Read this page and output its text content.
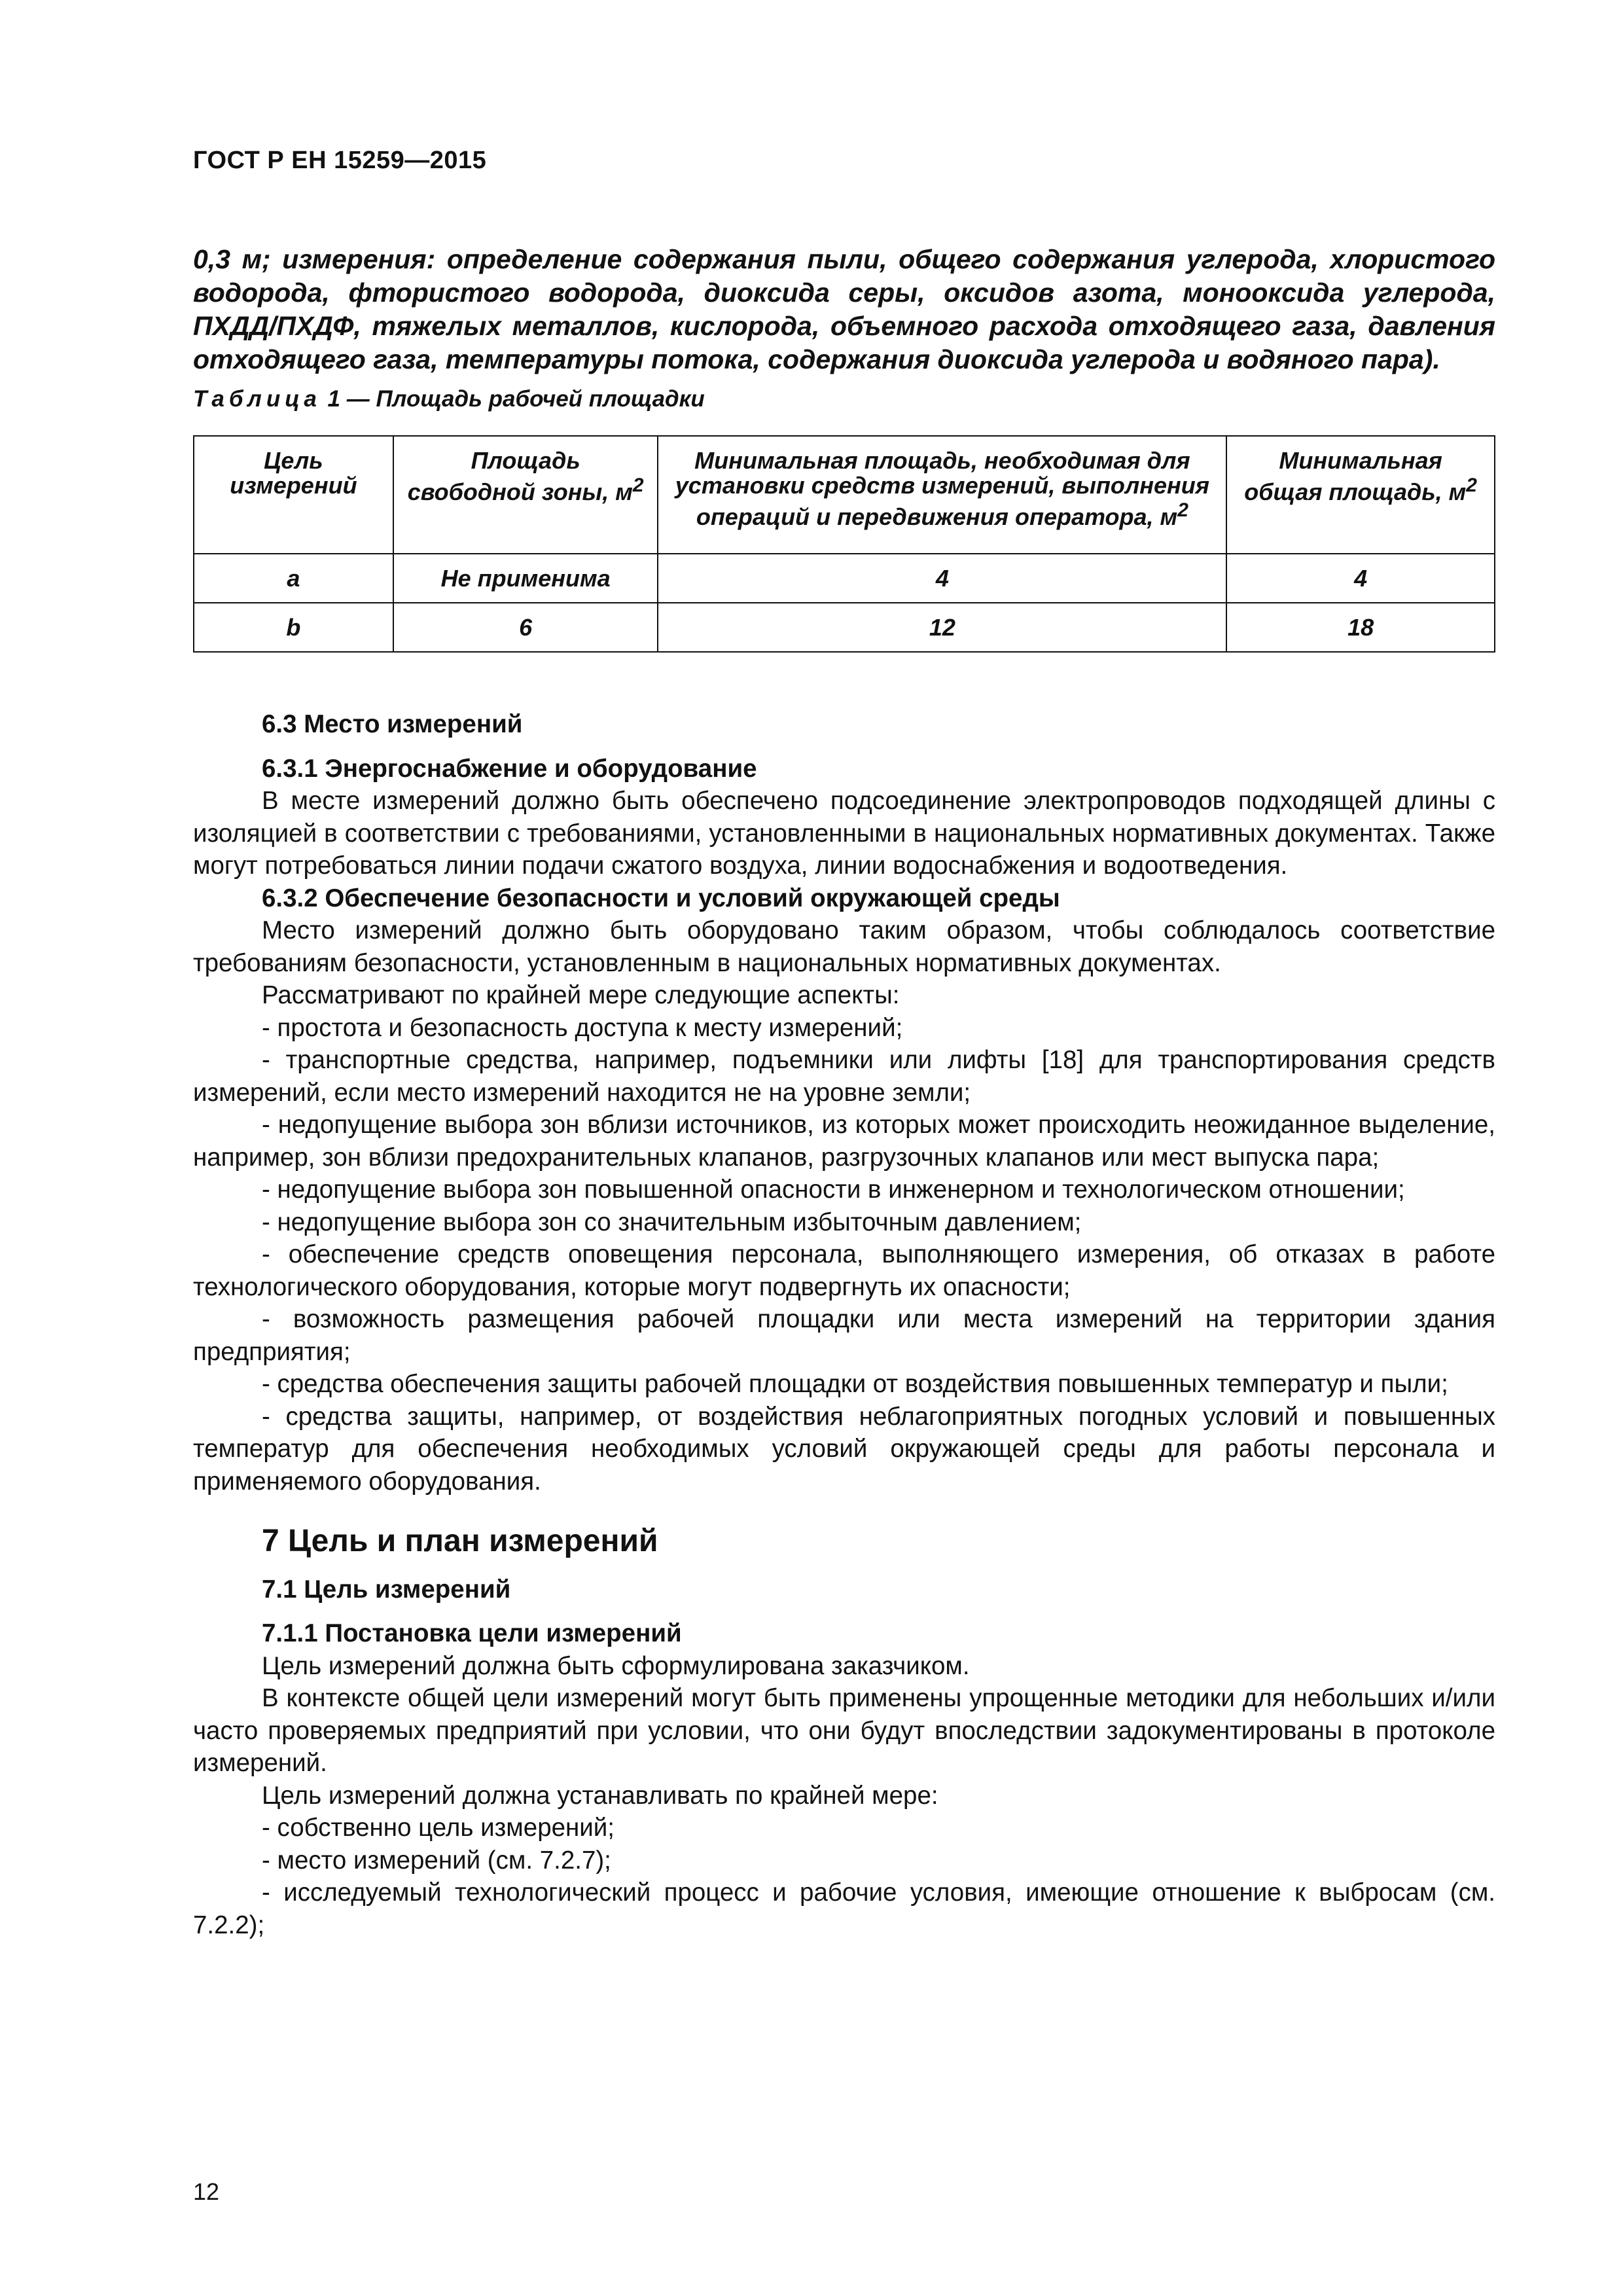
ГОСТ Р ЕН 15259—2015

0,3 м; измерения: определение содержания пыли, общего содержания углерода, хлористого водорода, фтористого водорода, диоксида серы, оксидов азота, монооксида углерода, ПХДД/ПХДФ, тяжелых металлов, кислорода, объемного расхода отходящего газа, давления отходящего газа, температуры потока, содержания диоксида углерода и водяного пара).

Таблица 1 — Площадь рабочей площадки
Цель измерений	Площадь свободной зоны, $м^2$	Минимальная площадь, необходимая для установки средств измерений, выполнения операций и передвижения оператора, $м^2$	Минимальная общая площадь, $м^2$
a	Не применима	4	4
b	6	12	18

6.3 Место измерений

6.3.1 Энергоснабжение и оборудование

В месте измерений должно быть обеспечено подсоединение электропроводов подходящей длины с изоляцией в соответствии с требованиями, установленными в национальных нормативных документах. Также могут потребоваться линии подачи сжатого воздуха, линии водоснабжения и водоотведения.

6.3.2 Обеспечение безопасности и условий окружающей среды

Место измерений должно быть оборудовано таким образом, чтобы соблюдалось соответствие требованиям безопасности, установленным в национальных нормативных документах.

Рассматривают по крайней мере следующие аспекты:

- простота и безопасность доступа к месту измерений;

- транспортные средства, например, подъемники или лифты [18] для транспортирования средств измерений, если место измерений находится не на уровне земли;

- недопущение выбора зон вблизи источников, из которых может происходить неожиданное выделение, например, зон вблизи предохранительных клапанов, разгрузочных клапанов или мест выпуска пара;

- недопущение выбора зон повышенной опасности в инженерном и технологическом отношении;

- недопущение выбора зон со значительным избыточным давлением;

- обеспечение средств оповещения персонала, выполняющего измерения, об отказах в работе технологического оборудования, которые могут подвергнуть их опасности;

- возможность размещения рабочей площадки или места измерений на территории здания предприятия;

- средства обеспечения защиты рабочей площадки от воздействия повышенных температур и пыли;

- средства защиты, например, от воздействия неблагоприятных погодных условий и повышенных температур для обеспечения необходимых условий окружающей среды для работы персонала и применяемого оборудования.

7 Цель и план измерений

7.1 Цель измерений

7.1.1 Постановка цели измерений

Цель измерений должна быть сформулирована заказчиком.

В контексте общей цели измерений могут быть применены упрощенные методики для небольших и/или часто проверяемых предприятий при условии, что они будут впоследствии задокументированы в протоколе измерений.

Цель измерений должна устанавливать по крайней мере:

- собственно цель измерений;

- место измерений (см. 7.2.7);

- исследуемый технологический процесс и рабочие условия, имеющие отношение к выбросам (см. 7.2.2);

12
